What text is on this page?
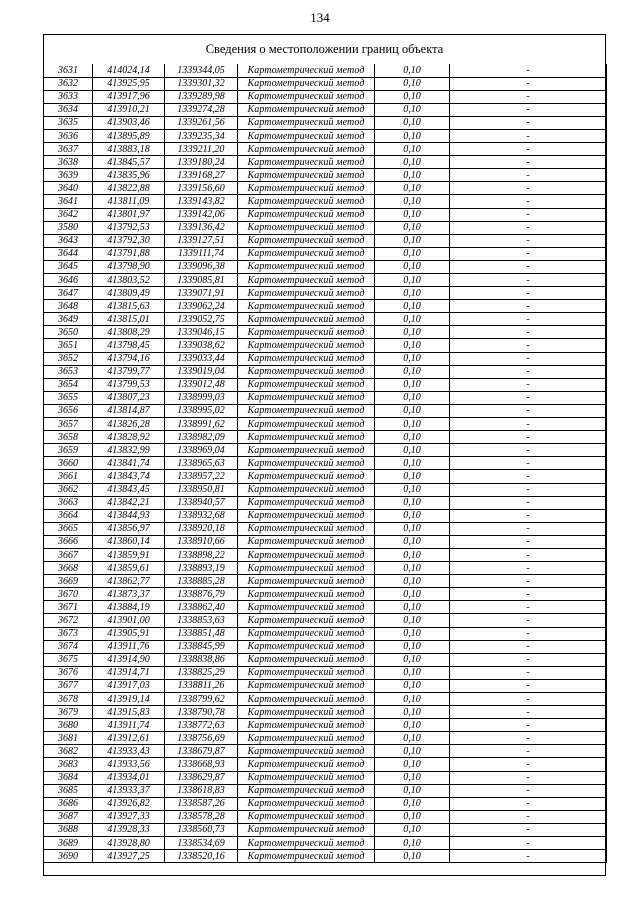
134
Сведения о местоположении границ объекта
3631	414024,14	1339344,05	Картометрический метод	0,10	-
3632	413925,95	1339301,32	Картометрический метод	0,10	-
3633	413917,96	1339289,98	Картометрический метод	0,10	-
3634	413910,21	1339274,28	Картометрический метод	0,10	-
3635	413903,46	1339261,56	Картометрический метод	0,10	-
3636	413895,89	1339235,34	Картометрический метод	0,10	-
3637	413883,18	1339211,20	Картометрический метод	0,10	-
3638	413845,57	1339180,24	Картометрический метод	0,10	-
3639	413835,96	1339168,27	Картометрический метод	0,10	-
3640	413822,88	1339156,60	Картометрический метод	0,10	-
3641	413811,09	1339143,82	Картометрический метод	0,10	-
3642	413801,97	1339142,06	Картометрический метод	0,10	-
3580	413792,53	1339136,42	Картометрический метод	0,10	-
3643	413792,30	1339127,51	Картометрический метод	0,10	-
3644	413791,88	1339111,74	Картометрический метод	0,10	-
3645	413798,90	1339096,38	Картометрический метод	0,10	-
3646	413803,52	1339085,81	Картометрический метод	0,10	-
3647	413809,49	1339071,91	Картометрический метод	0,10	-
3648	413815,63	1339062,24	Картометрический метод	0,10	-
3649	413815,01	1339052,75	Картометрический метод	0,10	-
3650	413808,29	1339046,15	Картометрический метод	0,10	-
3651	413798,45	1339038,62	Картометрический метод	0,10	-
3652	413794,16	1339033,44	Картометрический метод	0,10	-
3653	413799,77	1339019,04	Картометрический метод	0,10	-
3654	413799,53	1339012,48	Картометрический метод	0,10	-
3655	413807,23	1338999,03	Картометрический метод	0,10	-
3656	413814,87	1338995,02	Картометрический метод	0,10	-
3657	413826,28	1338991,62	Картометрический метод	0,10	-
3658	413828,92	1338982,09	Картометрический метод	0,10	-
3659	413832,99	1338969,04	Картометрический метод	0,10	-
3660	413841,74	1338965,63	Картометрический метод	0,10	-
3661	413843,74	1338957,22	Картометрический метод	0,10	-
3662	413843,45	1338950,81	Картометрический метод	0,10	-
3663	413842,21	1338940,57	Картометрический метод	0,10	-
3664	413844,93	1338932,68	Картометрический метод	0,10	-
3665	413856,97	1338920,18	Картометрический метод	0,10	-
3666	413860,14	1338910,66	Картометрический метод	0,10	-
3667	413859,91	1338898,22	Картометрический метод	0,10	-
3668	413859,61	1338893,19	Картометрический метод	0,10	-
3669	413862,77	1338885,28	Картометрический метод	0,10	-
3670	413873,37	1338876,79	Картометрический метод	0,10	-
3671	413884,19	1338862,40	Картометрический метод	0,10	-
3672	413901,00	1338853,63	Картометрический метод	0,10	-
3673	413905,91	1338851,48	Картометрический метод	0,10	-
3674	413911,76	1338845,99	Картометрический метод	0,10	-
3675	413914,90	1338838,86	Картометрический метод	0,10	-
3676	413914,71	1338825,29	Картометрический метод	0,10	-
3677	413917,03	1338811,26	Картометрический метод	0,10	-
3678	413919,14	1338799,62	Картометрический метод	0,10	-
3679	413915,83	1338790,78	Картометрический метод	0,10	-
3680	413911,74	1338772,63	Картометрический метод	0,10	-
3681	413912,61	1338756,69	Картометрический метод	0,10	-
3682	413933,43	1338679,87	Картометрический метод	0,10	-
3683	413933,56	1338668,93	Картометрический метод	0,10	-
3684	413934,01	1338629,87	Картометрический метод	0,10	-
3685	413933,37	1338618,83	Картометрический метод	0,10	-
3686	413926,82	1338587,26	Картометрический метод	0,10	-
3687	413927,33	1338578,28	Картометрический метод	0,10	-
3688	413928,33	1338560,73	Картометрический метод	0,10	-
3689	413928,80	1338534,69	Картометрический метод	0,10	-
3690	413927,25	1338520,16	Картометрический метод	0,10	-
